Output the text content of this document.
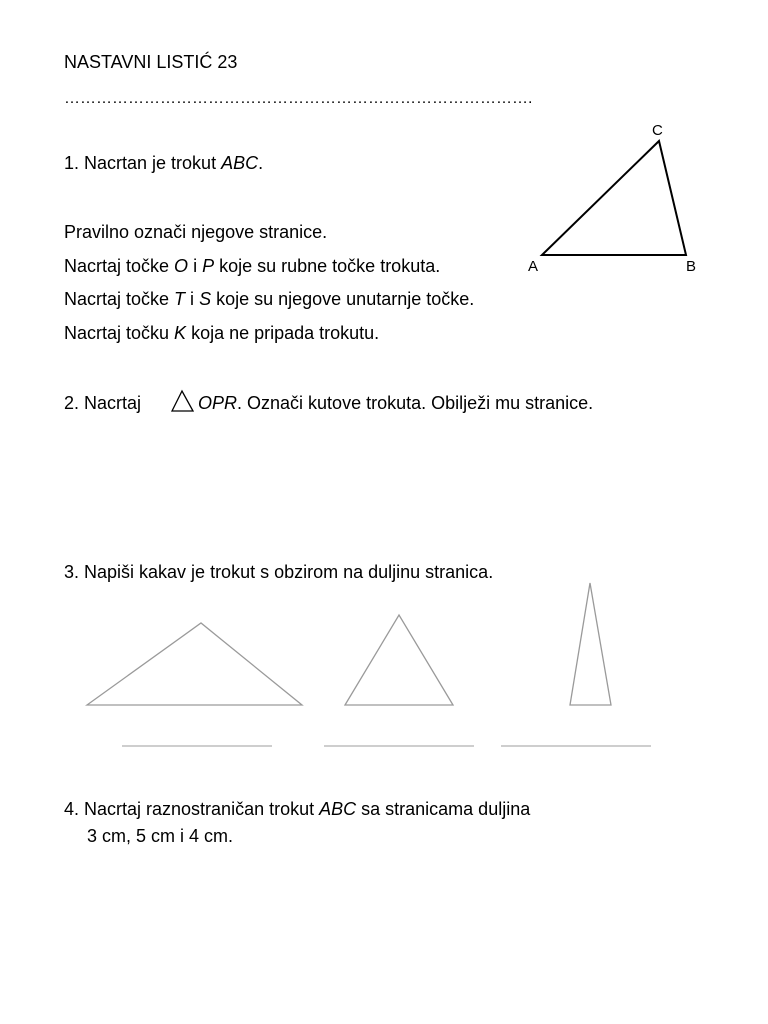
NASTAVNI LISTIĆ 23
…………………………………………………………………………….
1. Nacrtan je trokut ABC.
A	B
C
Pravilno označi njegove stranice.
Nacrtaj točke O i P koje su rubne točke trokuta.
Nacrtaj točke T i S koje su njegove unutarnje točke.
Nacrtaj točku K koja ne pripada trokutu.
2. Nacrtaj	OPR. Označi kutove trokuta. Obilježi mu stranice.
3. Napiši kakav je trokut s obzirom na duljinu stranica.
4. Nacrtaj raznostraničan trokut ABC sa stranicama duljina
3 cm, 5 cm i 4 cm.
